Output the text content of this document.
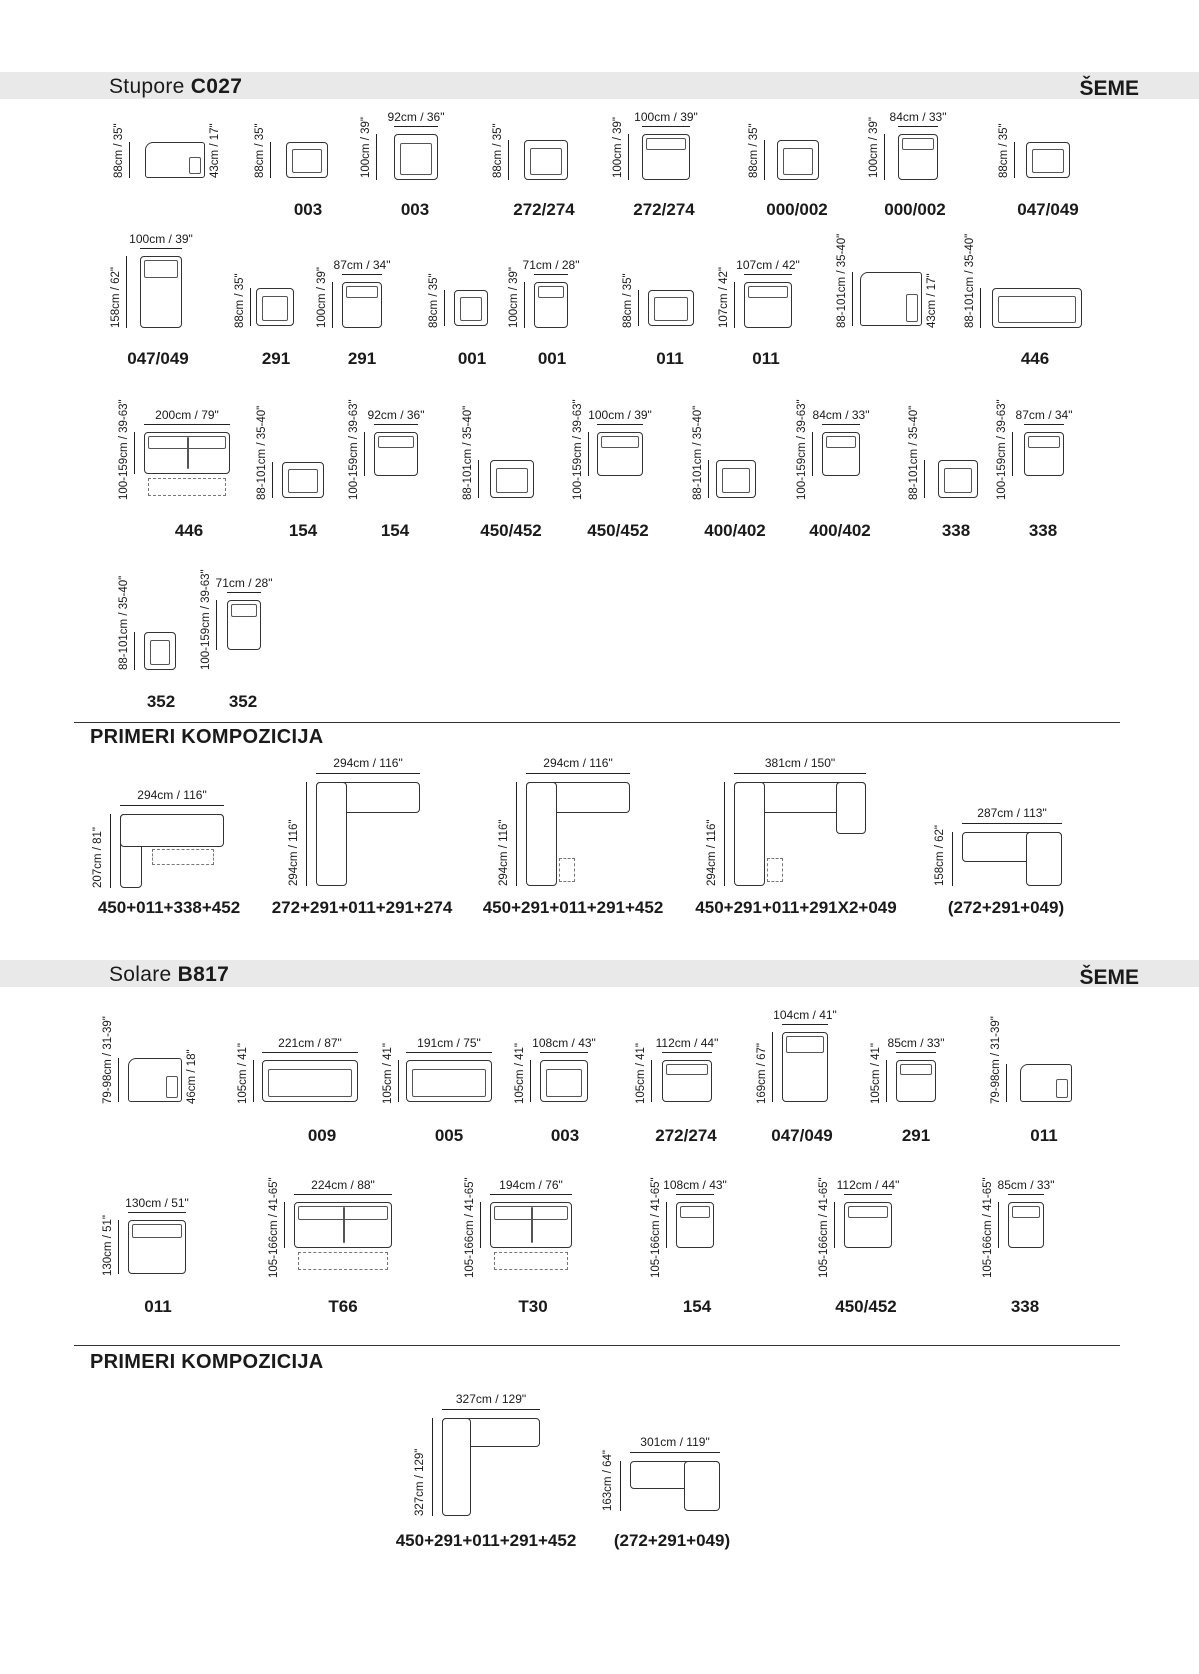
Stupore C027	ŠEME
88cm / 35"	43cm / 17"	88cm / 35"
003
92cm / 36"
100cm / 39"
003
88cm / 35"
272/274
100cm / 39"
100cm / 39"
272/274
88cm / 35"
000/002
84cm / 33"
100cm / 39"
000/002
88cm / 35"
047/049
100cm / 39"
158cm / 62"
047/049
88cm / 35"
291
87cm / 34"
100cm / 39"
291
88cm / 35"
001
71cm / 28"
100cm / 39"
001
88cm / 35"
011
107cm / 42"
107cm / 42"
011
88-101cm / 35-40"	43cm / 17" 88-101cm / 35-40"
446
200cm / 79"
100-159cm / 39-63"
446
88-101cm / 35-40"
154
92cm / 36"
100-159cm / 39-63"
154
88-101cm / 35-40"
450/452
100cm / 39"
100-159cm / 39-63"
450/452
88-101cm / 35-40"
400/402
84cm / 33"
100-159cm / 39-63"
400/402
88-101cm / 35-40"
338
87cm / 34"
100-159cm / 39-63"
338
88-101cm / 35-40"
352
71cm / 28"
100-159cm / 39-63"
352
PRIMERI KOMPOZICIJA
294cm / 116"
207cm / 81"
450+011+338+452
294cm / 116"
294cm / 116"
272+291+011+291+274
294cm / 116"
294cm / 116"
450+291+011+291+452
381cm / 150"
294cm / 116"
450+291+011+291X2+049
287cm / 113"
158cm / 62"
(272+291+049)
Solare B817	ŠEME
79-98cm / 31-39"	46cm / 18"
221cm / 87"
105cm / 41"
009
191cm / 75"
105cm / 41"
005
108cm / 43"
105cm / 41"
003
112cm / 44"
105cm / 41"
272/274
104cm / 41"
169cm / 67"
047/049
85cm / 33"
105cm / 41"
291
79-98cm / 31-39"
011
130cm / 51"
130cm / 51"
011
224cm / 88"
105-166cm / 41-65"
T66
194cm / 76"
105-166cm / 41-65"
T30
108cm / 43"
105-166cm / 41-65"
154
112cm / 44"
105-166cm / 41-65"
450/452
85cm / 33"
105-166cm / 41-65"
338
PRIMERI KOMPOZICIJA
327cm / 129"
327cm / 129"
450+291+011+291+452
301cm / 119"
163cm / 64"
(272+291+049)
